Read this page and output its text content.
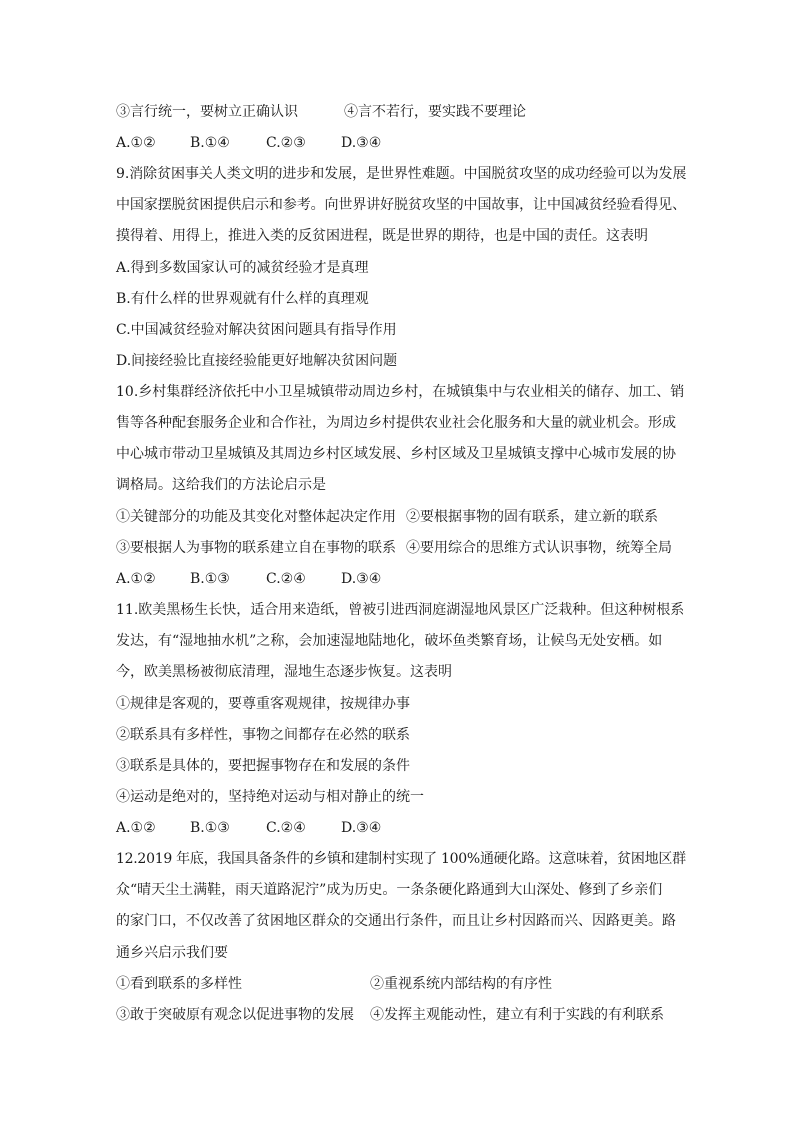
③言行统一，要树立正确认识	④言不若行，要实践不要理论
A.①② B.①④	C.②③	D.③④
9.消除贫困事关人类文明的进步和发展，是世界性难题。中国脱贫攻坚的成功经验可以为发展
中国家摆脱贫困提供启示和参考。向世界讲好脱贫攻坚的中国故事，让中国减贫经验看得见、
摸得着、用得上，推进入类的反贫困进程，既是世界的期待，也是中国的责任。这表明
A.得到多数国家认可的减贫经验才是真理
B.有什么样的世界观就有什么样的真理观
C.中国减贫经验对解决贫困问题具有指导作用
D.间接经验比直接经验能更好地解决贫困问题
10.乡村集群经济依托中小卫星城镇带动周边乡村，在城镇集中与农业相关的储存、加工、销
售等各种配套服务企业和合作社，为周边乡村提供农业社会化服务和大量的就业机会。形成
中心城市带动卫星城镇及其周边乡村区域发展、乡村区域及卫星城镇支撑中心城市发展的协
调格局。这给我们的方法论启示是
①关键部分的功能及其变化对整体起决定作用 ②要根据事物的固有联系，建立新的联系
③要根据人为事物的联系建立自在事物的联系 ④要用综合的思维方式认识事物，统筹全局
A.①② B.①③	C.②④	D.③④
11.欧美黑杨生长快，适合用来造纸，曾被引进西洞庭湖湿地风景区广泛栽种。但这种树根系
发达，有“湿地抽水机”之称，会加速湿地陆地化，破坏鱼类繁育场，让候鸟无处安栖。如
今，欧美黑杨被彻底清理，湿地生态逐步恢复。这表明
①规律是客观的，要尊重客观规律，按规律办事
②联系具有多样性，事物之间都存在必然的联系
③联系是具体的，要把握事物存在和发展的条件
④运动是绝对的，坚持绝对运动与相对静止的统一
A.①② B.①③	C.②④	D.③④
12.2019 年底，我国具备条件的乡镇和建制村实现了 100%通硬化路。这意味着，贫困地区群
众“晴天尘土满鞋，雨天道路泥泞”成为历史。一条条硬化路通到大山深处、修到了乡亲们
的家门口，不仅改善了贫困地区群众的交通出行条件，而且让乡村因路而兴、因路更美。路
通乡兴启示我们要
①看到联系的多样性	②重视系统内部结构的有序性
③敢于突破原有观念以促进事物的发展 ④发挥主观能动性，建立有利于实践的有利联系
